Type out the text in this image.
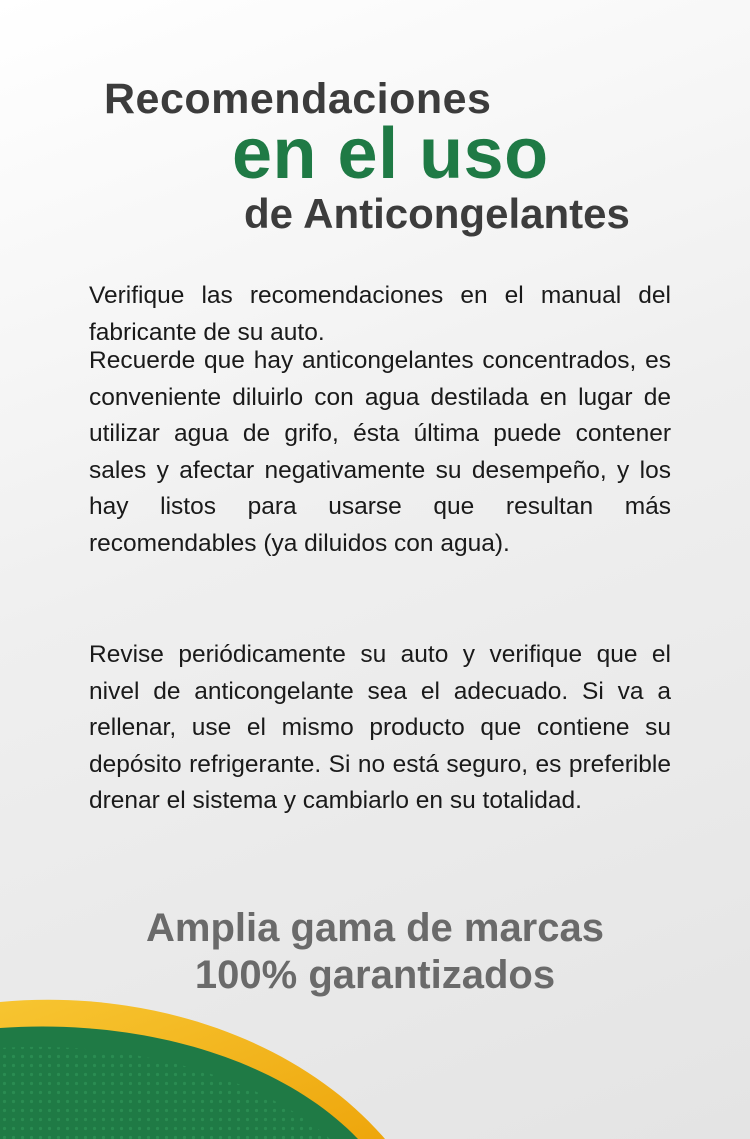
Recomendaciones
en el uso
de Anticongelantes

Verifique las recomendaciones en el manual del fabricante de su auto.

Recuerde que hay anticongelantes concentrados, es conveniente diluirlo con agua destilada en lugar de utilizar agua de grifo, ésta última puede contener sales y afectar negativamente su desempeño, y los hay listos para usarse que resultan más recomendables (ya diluidos con agua).

Revise periódicamente su auto y verifique que el nivel de anticongelante sea el adecuado. Si va a rellenar, use el mismo producto que contiene su depósito refrigerante. Si no está seguro, es preferible drenar el sistema y cambiarlo en su totalidad.

Amplia gama de marcas

100% garantizados
